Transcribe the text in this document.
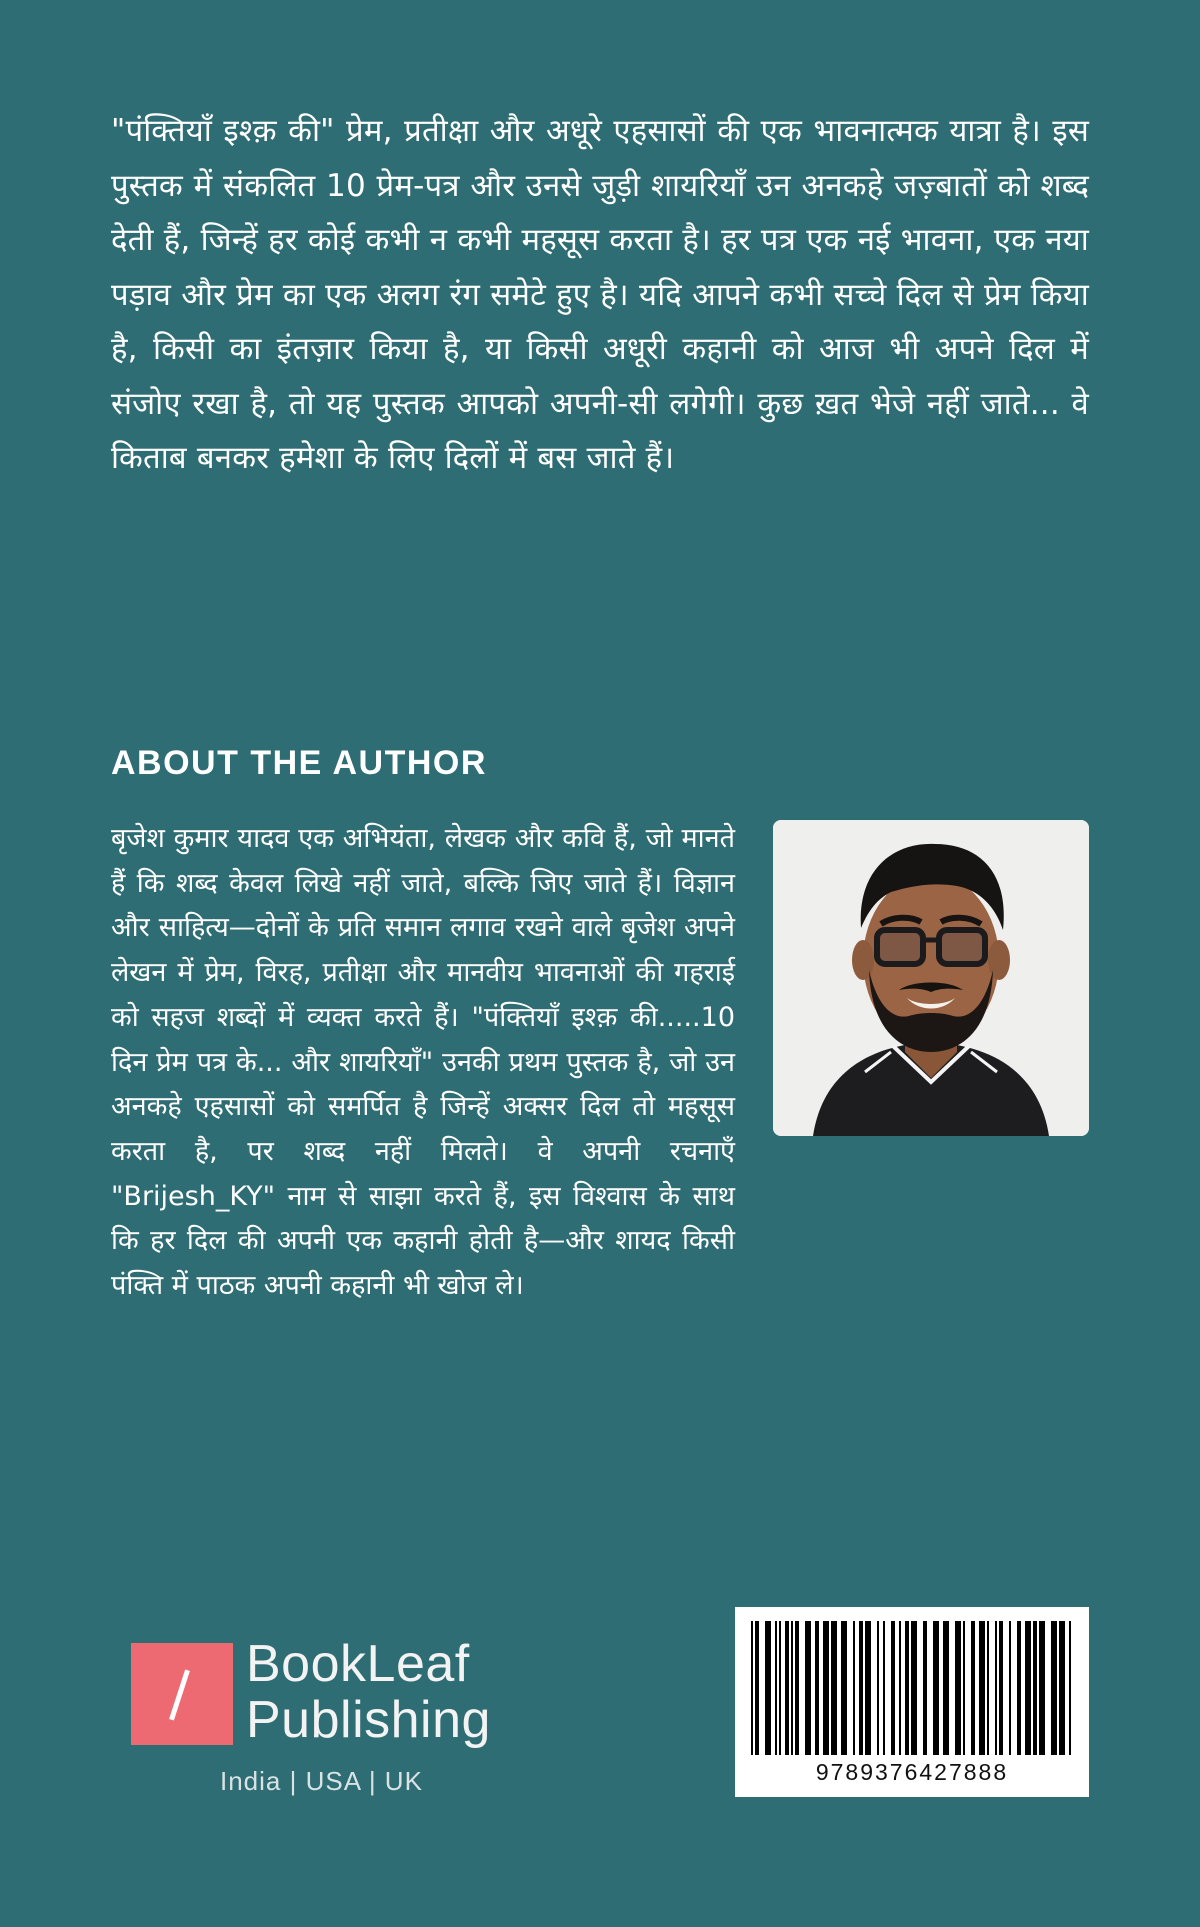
"पंक्तियाँ इश्क़ की" प्रेम, प्रतीक्षा और अधूरे एहसासों की एक भावनात्मक यात्रा है। इस पुस्तक में संकलित 10 प्रेम-पत्र और उनसे जुड़ी शायरियाँ उन अनकहे जज़्बातों को शब्द देती हैं, जिन्हें हर कोई कभी न कभी महसूस करता है। हर पत्र एक नई भावना, एक नया पड़ाव और प्रेम का एक अलग रंग समेटे हुए है। यदि आपने कभी सच्चे दिल से प्रेम किया है, किसी का इंतज़ार किया है, या किसी अधूरी कहानी को आज भी अपने दिल में संजोए रखा है, तो यह पुस्तक आपको अपनी-सी लगेगी। कुछ ख़त भेजे नहीं जाते... वे किताब बनकर हमेशा के लिए दिलों में बस जाते हैं।

ABOUT THE AUTHOR

बृजेश कुमार यादव एक अभियंता, लेखक और कवि हैं, जो मानते हैं कि शब्द केवल लिखे नहीं जाते, बल्कि जिए जाते हैं। विज्ञान और साहित्य—दोनों के प्रति समान लगाव रखने वाले बृजेश अपने लेखन में प्रेम, विरह, प्रतीक्षा और मानवीय भावनाओं की गहराई को सहज शब्दों में व्यक्त करते हैं। "पंक्तियाँ इश्क़ की.....10 दिन प्रेम पत्र के... और शायरियाँ" उनकी प्रथम पुस्तक है, जो उन अनकहे एहसासों को समर्पित है जिन्हें अक्सर दिल तो महसूस करता है, पर शब्द नहीं मिलते। वे अपनी रचनाएँ "Brijesh_KY" नाम से साझा करते हैं, इस विश्वास के साथ कि हर दिल की अपनी एक कहानी होती है—और शायद किसी पंक्ति में पाठक अपनी कहानी भी खोज ले।

BookLeaf
Publishing
India | USA | UK	9789376427888
